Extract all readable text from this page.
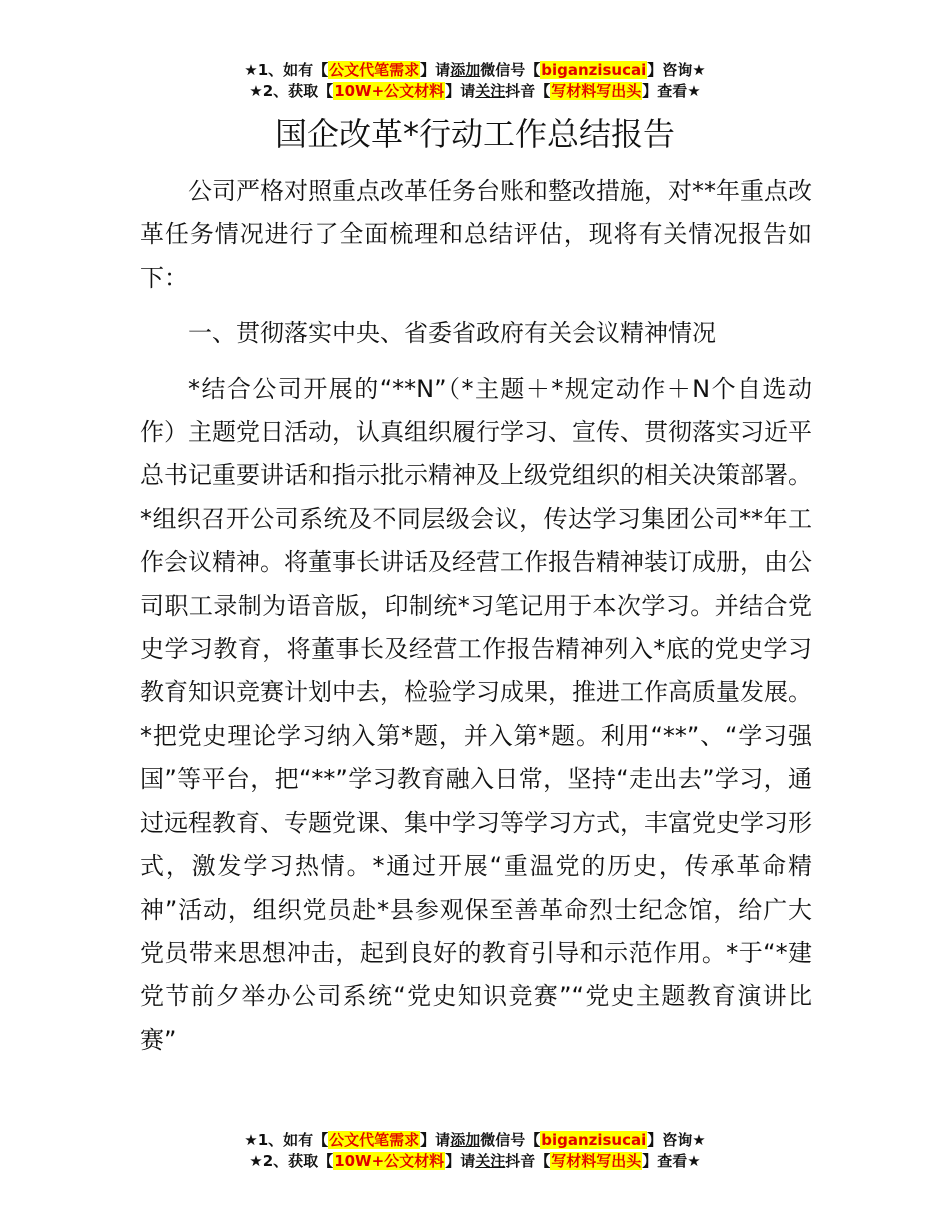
★1、如有【公文代笔需求】请添加微信号【biganzisucai】咨询★
★2、获取【10W+公文材料】请关注抖音【写材料写出头】查看★
国企改革*行动工作总结报告

公司严格对照重点改革任务台账和整改措施，对**年重点改革任务情况进行了全面梳理和总结评估，现将有关情况报告如下：

一、贯彻落实中央、省委省政府有关会议精神情况

*结合公司开展的“**N”（*主题＋*规定动作＋N个自选动作）主题党日活动，认真组织履行学习、宣传、贯彻落实习近平总书记重要讲话和指示批示精神及上级党组织的相关决策部署。*组织召开公司系统及不同层级会议，传达学习集团公司**年工作会议精神。将董事长讲话及经营工作报告精神装订成册，由公司职工录制为语音版，印制统*习笔记用于本次学习。并结合党史学习教育，将董事长及经营工作报告精神列入*底的党史学习教育知识竞赛计划中去，检验学习成果，推进工作高质量发展。*把党史理论学习纳入第*题，并入第*题。利用“**”、“学习强国”等平台，把“**”学习教育融入日常，坚持“走出去”学习，通过远程教育、专题党课、集中学习等学习方式，丰富党史学习形式，激发学习热情。*通过开展“重温党的历史，传承革命精神”活动，组织党员赴*县参观保至善革命烈士纪念馆，给广大党员带来思想冲击，起到良好的教育引导和示范作用。*于“*建党节前夕举办公司系统“党史知识竞赛”“党史主题教育演讲比赛”

★1、如有【公文代笔需求】请添加微信号【biganzisucai】咨询★
★2、获取【10W+公文材料】请关注抖音【写材料写出头】查看★
